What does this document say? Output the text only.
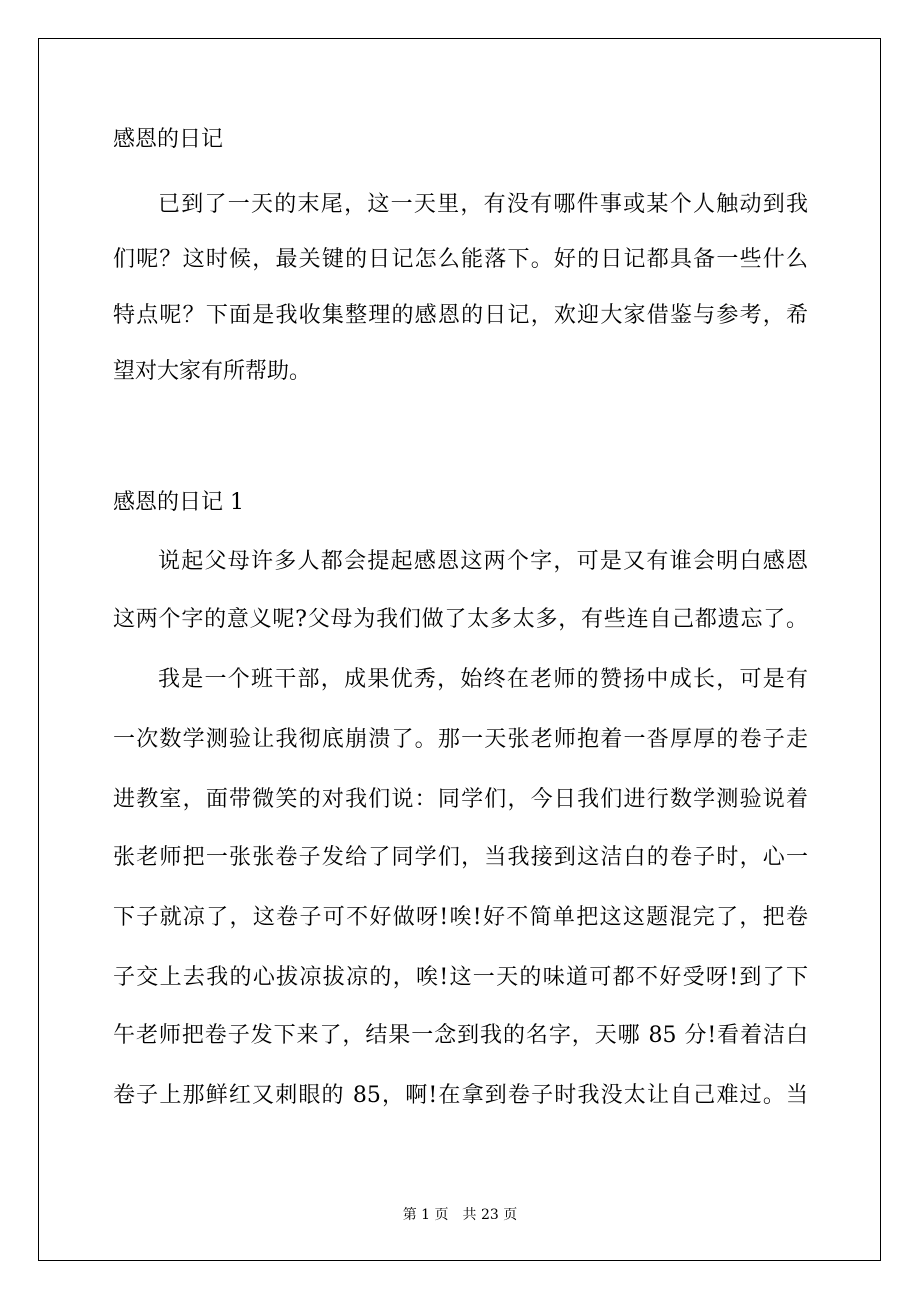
感恩的日记
已到了一天的末尾，这一天里，有没有哪件事或某个人触动到我
们呢？这时候，最关键的日记怎么能落下。好的日记都具备一些什么
特点呢？下面是我收集整理的感恩的日记，欢迎大家借鉴与参考，希
望对大家有所帮助。
感恩的日记 1
说起父母许多人都会提起感恩这两个字，可是又有谁会明白感恩
这两个字的意义呢?父母为我们做了太多太多，有些连自己都遗忘了。
我是一个班干部，成果优秀，始终在老师的赞扬中成长，可是有
一次数学测验让我彻底崩溃了。那一天张老师抱着一沓厚厚的卷子走
进教室，面带微笑的对我们说：同学们，今日我们进行数学测验说着
张老师把一张张卷子发给了同学们，当我接到这洁白的卷子时，心一
下子就凉了，这卷子可不好做呀!唉!好不简单把这这题混完了，把卷
子交上去我的心拔凉拔凉的，唉!这一天的味道可都不好受呀!到了下
午老师把卷子发下来了，结果一念到我的名字，天哪 85 分!看着洁白
卷子上那鲜红又刺眼的 85，啊!在拿到卷子时我没太让自己难过。当
第 1 页　共 23 页
